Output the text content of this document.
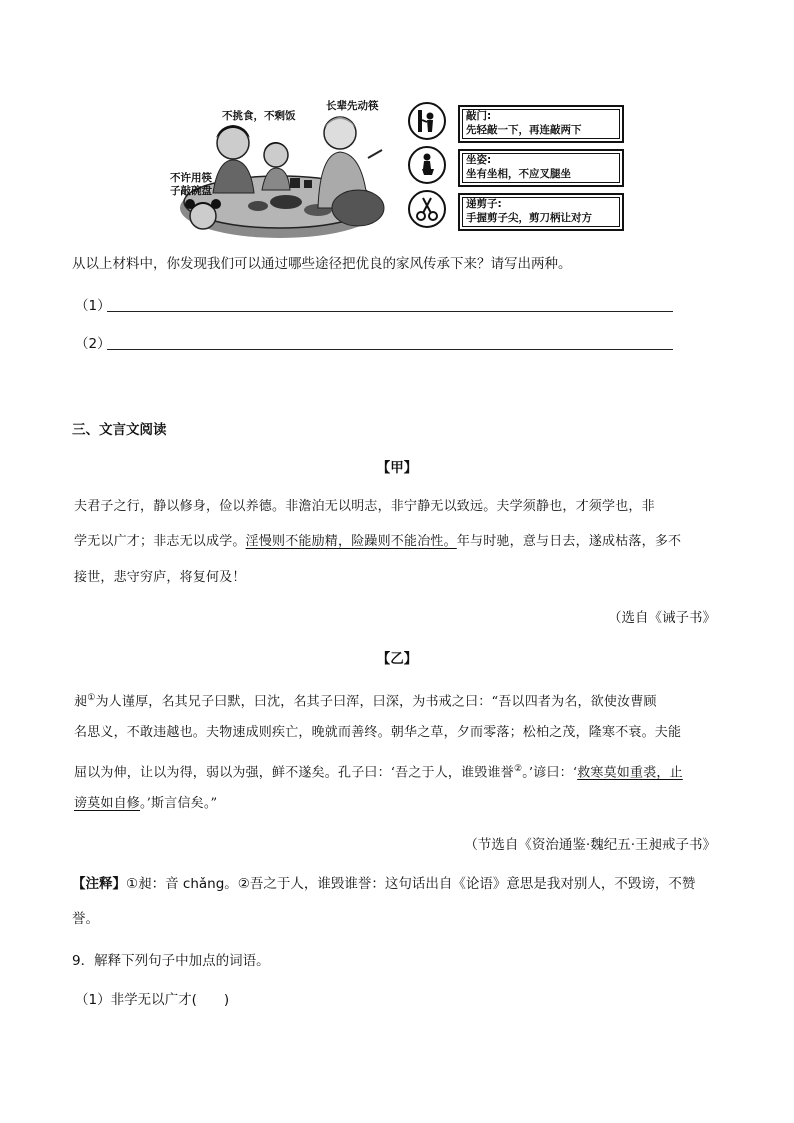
长辈先动筷
不挑食，不剩饭
不许用筷
子敲碗盘
敲门:
先轻敲一下，再连敲两下
坐姿:
坐有坐相，不应叉腿坐
递剪子:
手握剪子尖，剪刀柄让对方
从以上材料中，你发现我们可以通过哪些途径把优良的家风传承下来？请写出两种。
（1）
（2）
三、文言文阅读
【甲】
夫君子之行，静以修身，俭以养德。非澹泊无以明志，非宁静无以致远。夫学须静也，才须学也，非
学无以广才；非志无以成学。淫慢则不能励精，险躁则不能冶性。年与时驰，意与日去，遂成枯落，多不
接世，悲守穷庐，将复何及！
（选自《诫子书》
【乙】
昶①为人谨厚，名其兄子曰默，曰沈，名其子曰浑，曰深，为书戒之曰：“吾以四者为名，欲使汝曹顾
名思义，不敢违越也。夫物速成则疾亡，晚就而善终。朝华之草，夕而零落；松柏之茂，隆寒不衰。夫能
屈以为伸，让以为得，弱以为强，鲜不遂矣。孔子曰：‘吾之于人，谁毁谁誉②。’谚曰：‘救寒莫如重裘，止
谤莫如自修。’斯言信矣。”
（节选自《资治通鉴·魏纪五·王昶戒子书》
【注释】①昶：音 chǎng。②吾之于人，谁毁谁誉：这句话出自《论语》意思是我对别人，不毁谤，不赞
誉。
9．解释下列句子中加点的词语。
（1）非学无以广才(　　)
